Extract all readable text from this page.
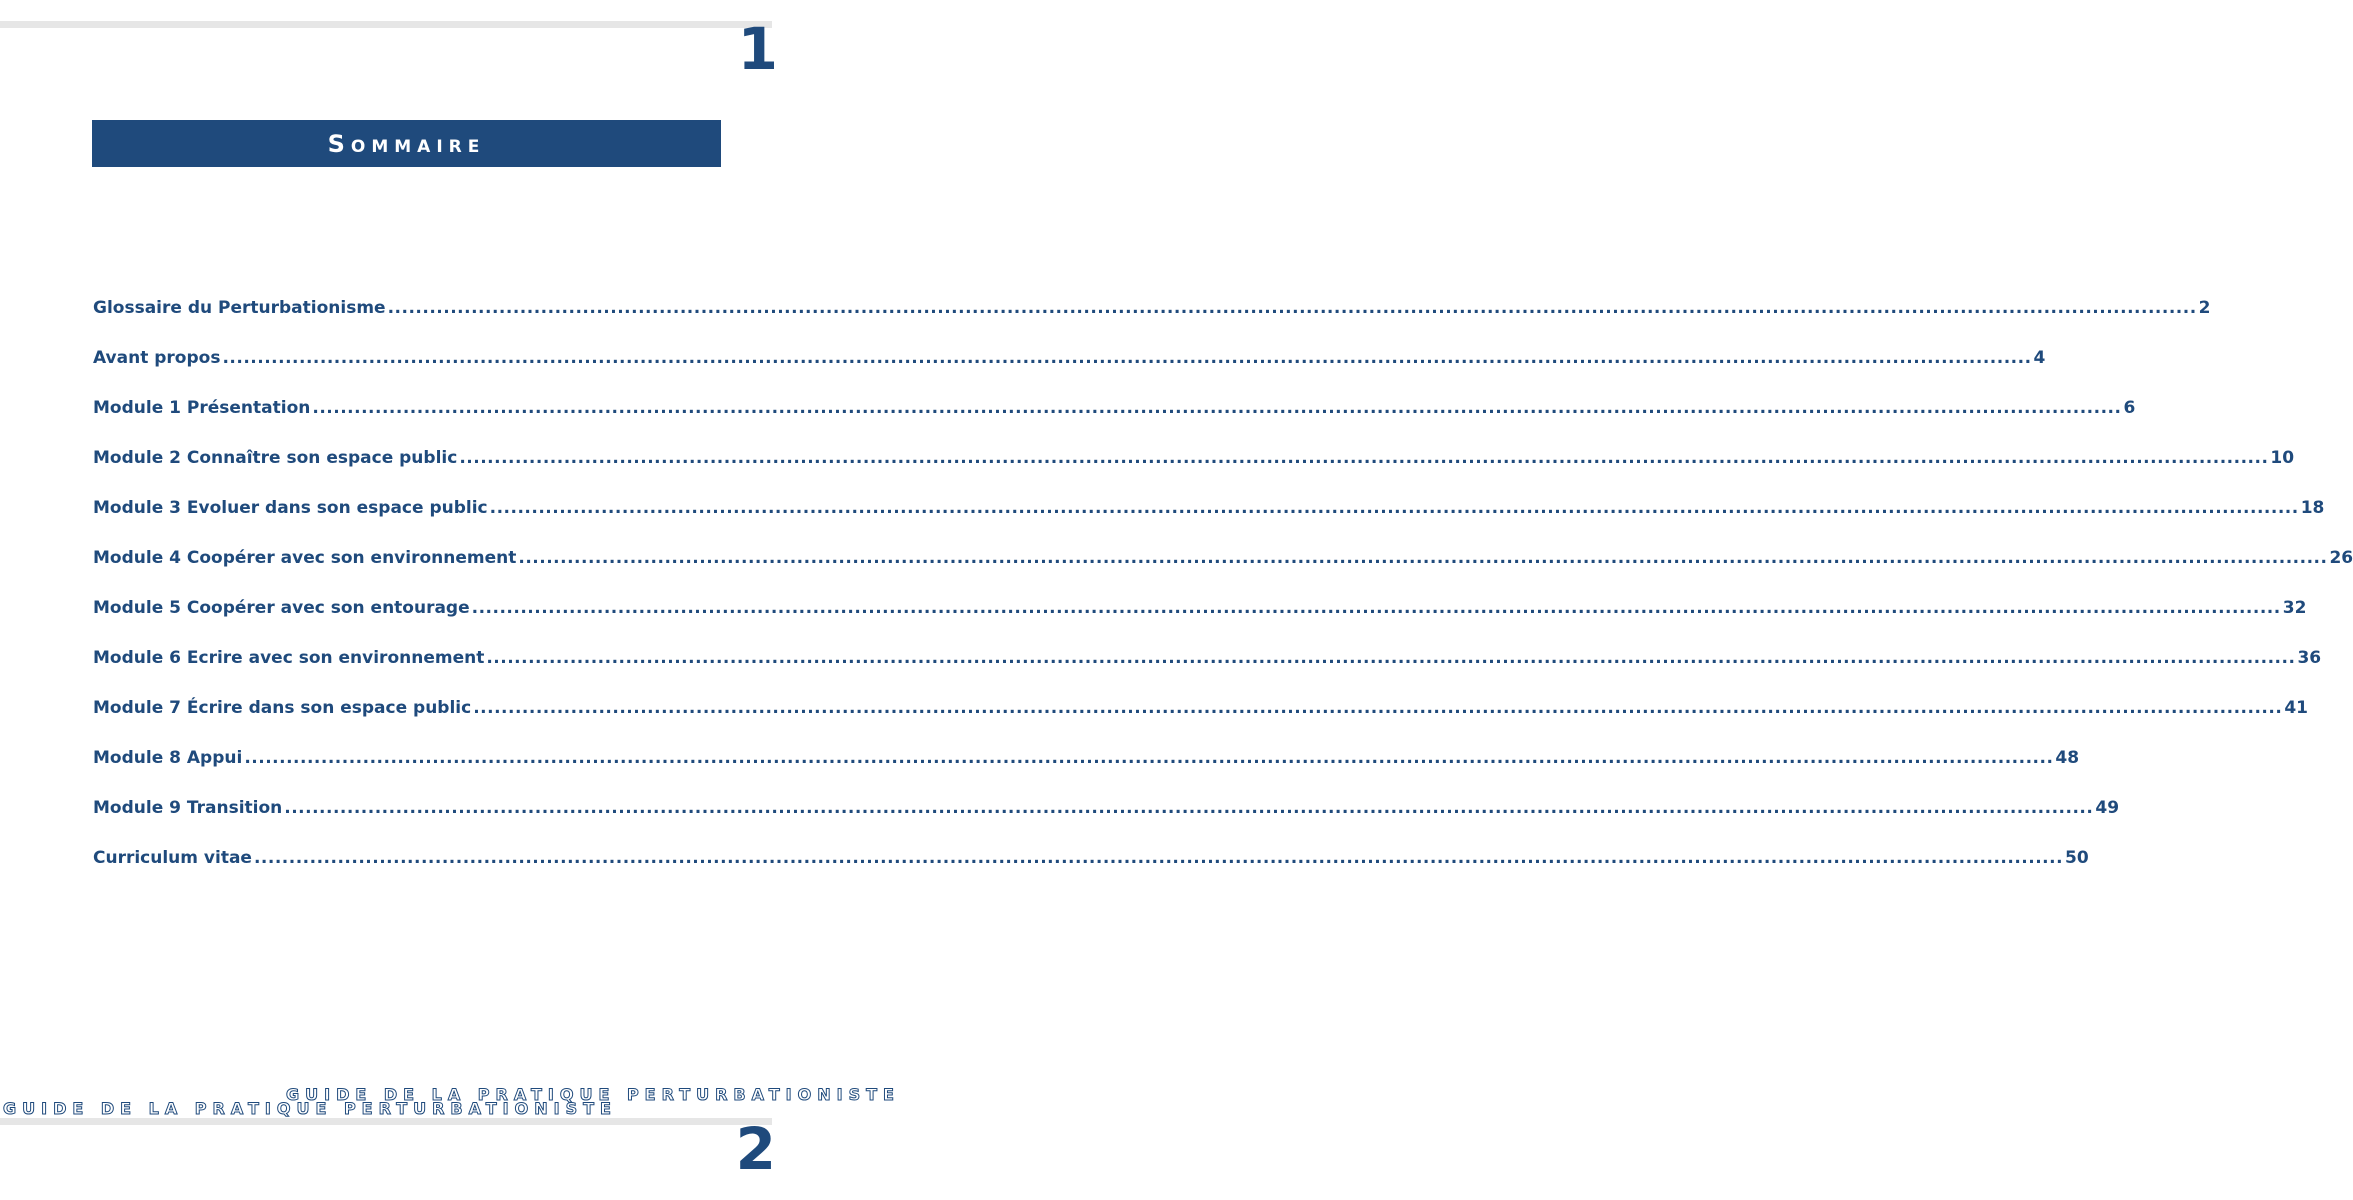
1
Sommaire
Glossaire du Perturbationisme .....	2
Avant propos .....	4
Module 1 Présentation .....	6
Module 2 Connaître son espace public .....	10
Module 3 Evoluer dans son espace public .....	18
Module 4 Coopérer avec son environnement .....	26
Module 5 Coopérer avec son entourage .....	32
Module 6 Ecrire avec son environnement .....	36
Module 7 Écrire dans son espace public .....	41
Module 8 Appui .....	48
Module 9 Transition .....	49
Curriculum vitae .....	50
GUIDE DE LA PRATIQUE PERTURBATIONISTE
GUIDE DE LA PRATIQUE PERTURBATIONISTE
2
